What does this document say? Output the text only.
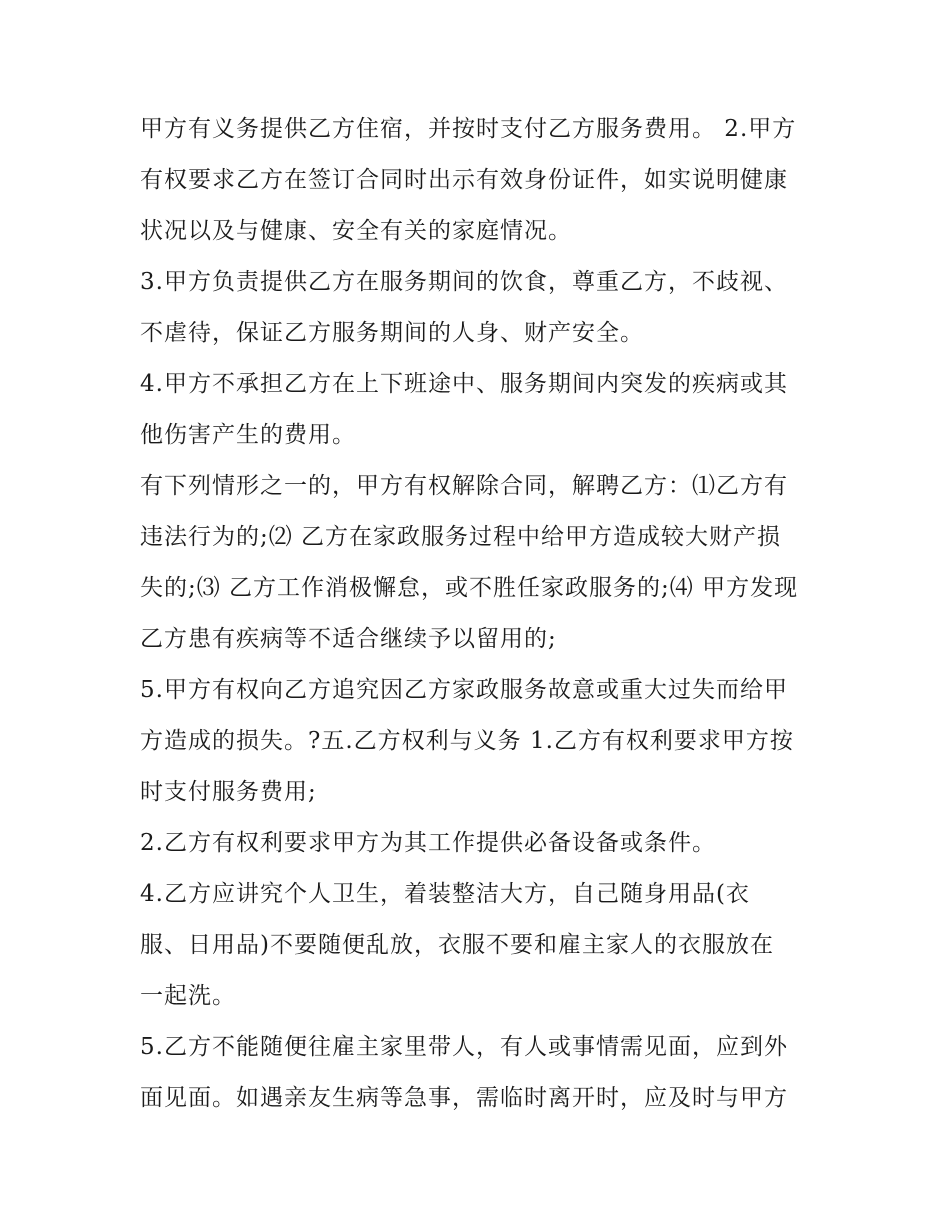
甲方有义务提供乙方住宿，并按时支付乙方服务费用。 2.甲方
有权要求乙方在签订合同时出示有效身份证件，如实说明健康
状况以及与健康、安全有关的家庭情况。
3.甲方负责提供乙方在服务期间的饮食，尊重乙方，不歧视、
不虐待，保证乙方服务期间的人身、财产安全。
4.甲方不承担乙方在上下班途中、服务期间内突发的疾病或其
他伤害产生的费用。
有下列情形之一的，甲方有权解除合同，解聘乙方：⑴乙方有
违法行为的;⑵ 乙方在家政服务过程中给甲方造成较大财产损
失的;⑶ 乙方工作消极懈怠，或不胜任家政服务的;⑷ 甲方发现
乙方患有疾病等不适合继续予以留用的;
5.甲方有权向乙方追究因乙方家政服务故意或重大过失而给甲
方造成的损失。?五.乙方权利与义务 1.乙方有权利要求甲方按
时支付服务费用;
2.乙方有权利要求甲方为其工作提供必备设备或条件。
4.乙方应讲究个人卫生，着装整洁大方，自己随身用品(衣
服、日用品)不要随便乱放，衣服不要和雇主家人的衣服放在
一起洗。
5.乙方不能随便往雇主家里带人，有人或事情需见面，应到外
面见面。如遇亲友生病等急事，需临时离开时，应及时与甲方
